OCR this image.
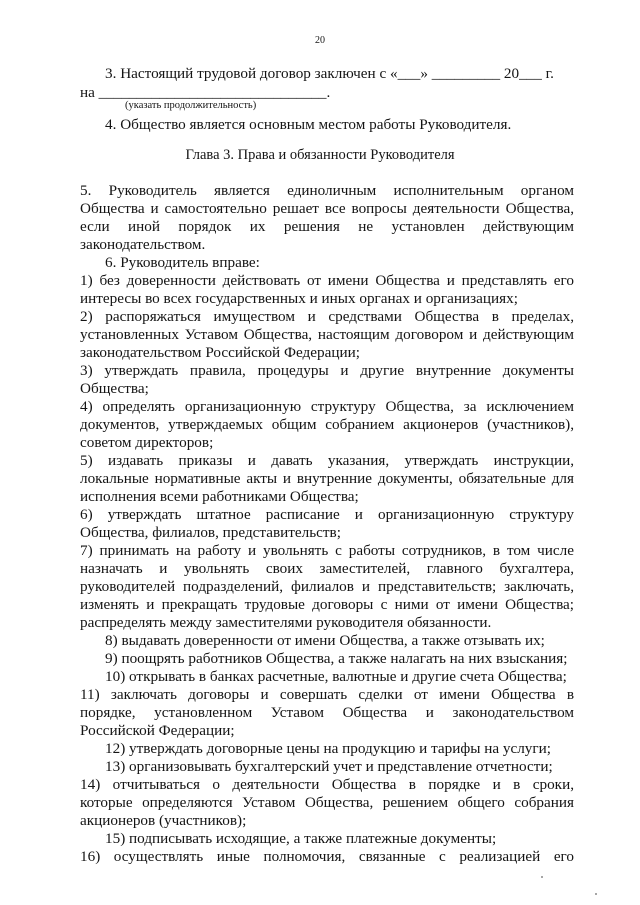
20
3. Настоящий трудовой договор заключен с «___» _________ 20___ г.
на ______________________________.
(указать продолжительность)
4. Общество является основным местом работы Руководителя.
Глава 3. Права и обязанности Руководителя
5. Руководитель является единоличным исполнительным органом
Общества и самостоятельно решает все вопросы деятельности Общества,
если иной порядок их решения не установлен действующим
законодательством.
6. Руководитель вправе:
1) без доверенности действовать от имени Общества и представлять его
интересы во всех государственных и иных органах и организациях;
2) распоряжаться имуществом и средствами Общества в пределах,
установленных Уставом Общества, настоящим договором и действующим
законодательством Российской Федерации;
3) утверждать правила, процедуры и другие внутренние документы
Общества;
4) определять организационную структуру Общества, за исключением
документов, утверждаемых общим собранием акционеров (участников),
советом директоров;
5) издавать приказы и давать указания, утверждать инструкции,
локальные нормативные акты и внутренние документы, обязательные для
исполнения всеми работниками Общества;
6) утверждать штатное расписание и организационную структуру
Общества, филиалов, представительств;
7) принимать на работу и увольнять с работы сотрудников, в том числе
назначать и увольнять своих заместителей, главного бухгалтера,
руководителей подразделений, филиалов и представительств; заключать,
изменять и прекращать трудовые договоры с ними от имени Общества;
распределять между заместителями руководителя обязанности.
8) выдавать доверенности от имени Общества, а также отзывать их;
9) поощрять работников Общества, а также налагать на них взыскания;
10) открывать в банках расчетные, валютные и другие счета Общества;
11) заключать договоры и совершать сделки от имени Общества в
порядке, установленном Уставом Общества и законодательством
Российской Федерации;
12) утверждать договорные цены на продукцию и тарифы на услуги;
13) организовывать бухгалтерский учет и представление отчетности;
14) отчитываться о деятельности Общества в порядке и в сроки,
которые определяются Уставом Общества, решением общего собрания
акционеров (участников);
15) подписывать исходящие, а также платежные документы;
16) осуществлять иные полномочия, связанные с реализацией его
